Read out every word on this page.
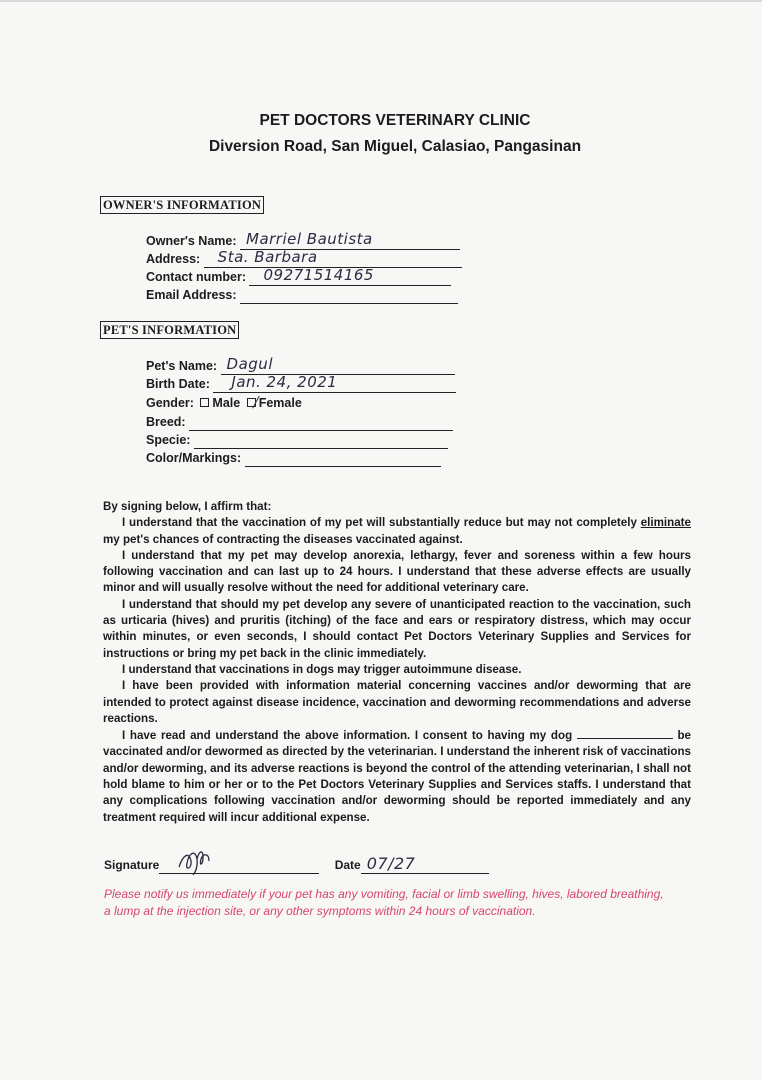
PET DOCTORS VETERINARY CLINIC
Diversion Road, San Miguel, Calasiao, Pangasinan
OWNER'S INFORMATION
Owner's Name: Marriel Bautista
Address: Sta. Barbara
Contact number: 09271514165
Email Address:
PET'S INFORMATION
Pet's Name: Dagul
Birth Date: Jan. 24, 2021
Gender: Male Female
Breed:
Specie:
Color/Markings:

By signing below, I affirm that:

I understand that the vaccination of my pet will substantially reduce but may not completely eliminate my pet's chances of contracting the diseases vaccinated against.

I understand that my pet may develop anorexia, lethargy, fever and soreness within a few hours following vaccination and can last up to 24 hours. I understand that these adverse effects are usually minor and will usually resolve without the need for additional veterinary care.

I understand that should my pet develop any severe of unanticipated reaction to the vaccination, such as urticaria (hives) and pruritis (itching) of the face and ears or respiratory distress, which may occur within minutes, or even seconds, I should contact Pet Doctors Veterinary Supplies and Services for instructions or bring my pet back in the clinic immediately.

I understand that vaccinations in dogs may trigger autoimmune disease.

I have been provided with information material concerning vaccines and/or deworming that are intended to protect against disease incidence, vaccination and deworming recommendations and adverse reactions.

I have read and understand the above information. I consent to having my dog	be vaccinated and/or dewormed as directed by the veterinarian. I understand the inherent risk of vaccinations and/or deworming, and its adverse reactions is beyond the control of the attending veterinarian, I shall not hold blame to him or her or to the Pet Doctors Veterinary Supplies and Services staffs. I understand that any complications following vaccination and/or deworming should be reported immediately and any treatment required will incur additional expense.

Signature	Date 07/27
Please notify us immediately if your pet has any vomiting, facial or limb swelling, hives, labored breathing, a lump at the injection site, or any other symptoms within 24 hours of vaccination.
